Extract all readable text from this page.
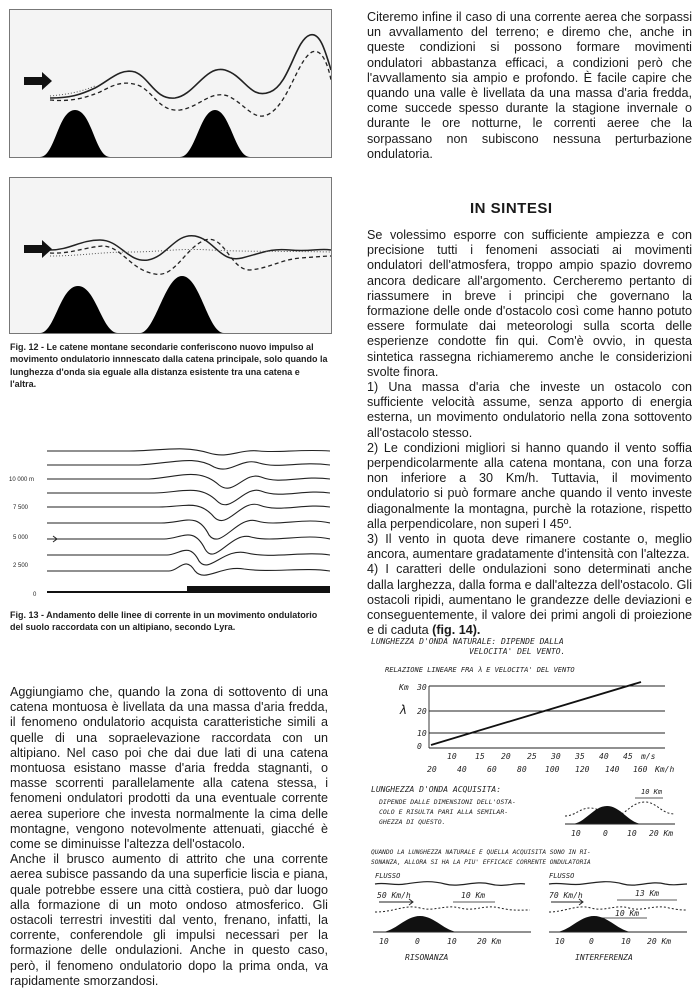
Fig. 12 - Le catene montane secondarie conferiscono nuovo impulso al movimento ondulatorio innnescato dalla catena principale, solo quando la lunghezza d'onda sia eguale alla distanza esistente tra una catena e l'altra.
10 000 m
7 500
5 000
2 500
0
Fig. 13 - Andamento delle linee di corrente in un movimento ondulatorio del suolo raccordata con un altipiano, secondo Lyra.

Aggiungiamo che, quando la zona di sottovento di una catena montuosa è livellata da una massa d'aria fredda, il fenomeno ondulatorio acquista caratteristiche simili a quelle di una sopraelevazione raccordata con un altipiano. Nel caso poi che dai due lati di una catena montuosa esistano masse d'aria fredda stagnanti, o masse scorrenti parallelamente alla catena stessa, i fenomeni ondulatori prodotti da una eventuale corrente aerea superiore che investa normalmente la cima delle montagne, vengono notevolmente attenuati, giacché è come se diminuisse l'altezza dell'ostacolo.

Anche il brusco aumento di attrito che una corrente aerea subisce passando da una superficie liscia e piana, quale potrebbe essere una città costiera, può dar luogo alla formazione di un moto ondoso atmosferico. Gli ostacoli terrestri investiti dal vento, frenano, infatti, la corrente, conferendole gli impulsi necessari per la formazione delle ondulazioni. Anche in questo caso, però, il fenomeno ondulatorio dopo la prima onda, va rapidamente smorzandosi.

Citeremo infine il caso di una corrente aerea che sorpassi un avvallamento del terreno; e diremo che, anche in queste condizioni si possono formare movimenti ondulatori abbastanza efficaci, a condizioni però che l'avvallamento sia ampio e profondo. È facile capire che quando una valle è livellata da una massa d'aria fredda, come succede spesso durante la stagione invernale o durante le ore notturne, le correnti aeree che la sorpassano non subiscono nessuna perturbazione ondulatoria.
IN SINTESI

Se volessimo esporre con sufficiente ampiezza e con precisione tutti i fenomeni associati ai movimenti ondulatori dell'atmosfera, troppo ampio spazio dovremo ancora dedicare all'argomento. Cercheremo pertanto di riassumere in breve i principi che governano la formazione delle onde d'ostacolo così come hanno potuto essere formulate dai meteorologi sulla scorta delle esperienze condotte fin qui. Com'è ovvio, in questa sintetica rassegna richiameremo anche le considerizioni svolte finora.

1) Una massa d'aria che investe un ostacolo con sufficiente velocità assume, senza apporto di energia esterna, un movimento ondulatorio nella zona sottovento all'ostacolo stesso.

2) Le condizioni migliori si hanno quando il vento soffia perpendicolarmente alla catena montana, con una forza non inferiore a 30 Km/h. Tuttavia, il movimento ondulatorio si può formare anche quando il vento investe diagonalmente la montagna, purchè la rotazione, rispetto alla perpendicolare, non superi I 45º.

3) Il vento in quota deve rimanere costante o, meglio ancora, aumentare gradatamente d'intensità con l'altezza.

4) I caratteri delle ondulazioni sono determinati anche dalla larghezza, dalla forma e dall'altezza dell'ostacolo. Gli ostacoli ripidi, aumentano le grandezze delle deviazioni e conseguentemente, il valore dei primi angoli di proiezione e di caduta (fig. 14).

LUNGHEZZA D'ONDA NATURALE: DIPENDE DALLA
VELOCITA' DEL VENTO.
RELAZIONE LINEARE FRA λ E VELOCITA' DEL VENTO
Km
λ
30
20
10
0
10 15 20 25 30 35 40 45 m/s
20	40	60	80 100 120 140 160 Km/h
LUNGHEZZA D'ONDA ACQUISITA:
DIPENDE DALLE DIMENSIONI DELL'OSTA-
COLO E RISULTA PARI ALLA SEMILAR-
GHEZZA DI QUESTO.
10 Km
10	0 10 20 Km
QUANDO LA LUNGHEZZA NATURALE E QUELLA ACQUISITA SONO IN RI-
SONANZA, ALLORA SI HA LA PIU' EFFICACE CORRENTE ONDULATORIA
FLUSSO
50 Km/h	10 Km
10	0	10	20 Km
RISONANZA
FLUSSO
70 Km/h	13 Km
10 Km
10	0	10 20 Km
INTERFERENZA
